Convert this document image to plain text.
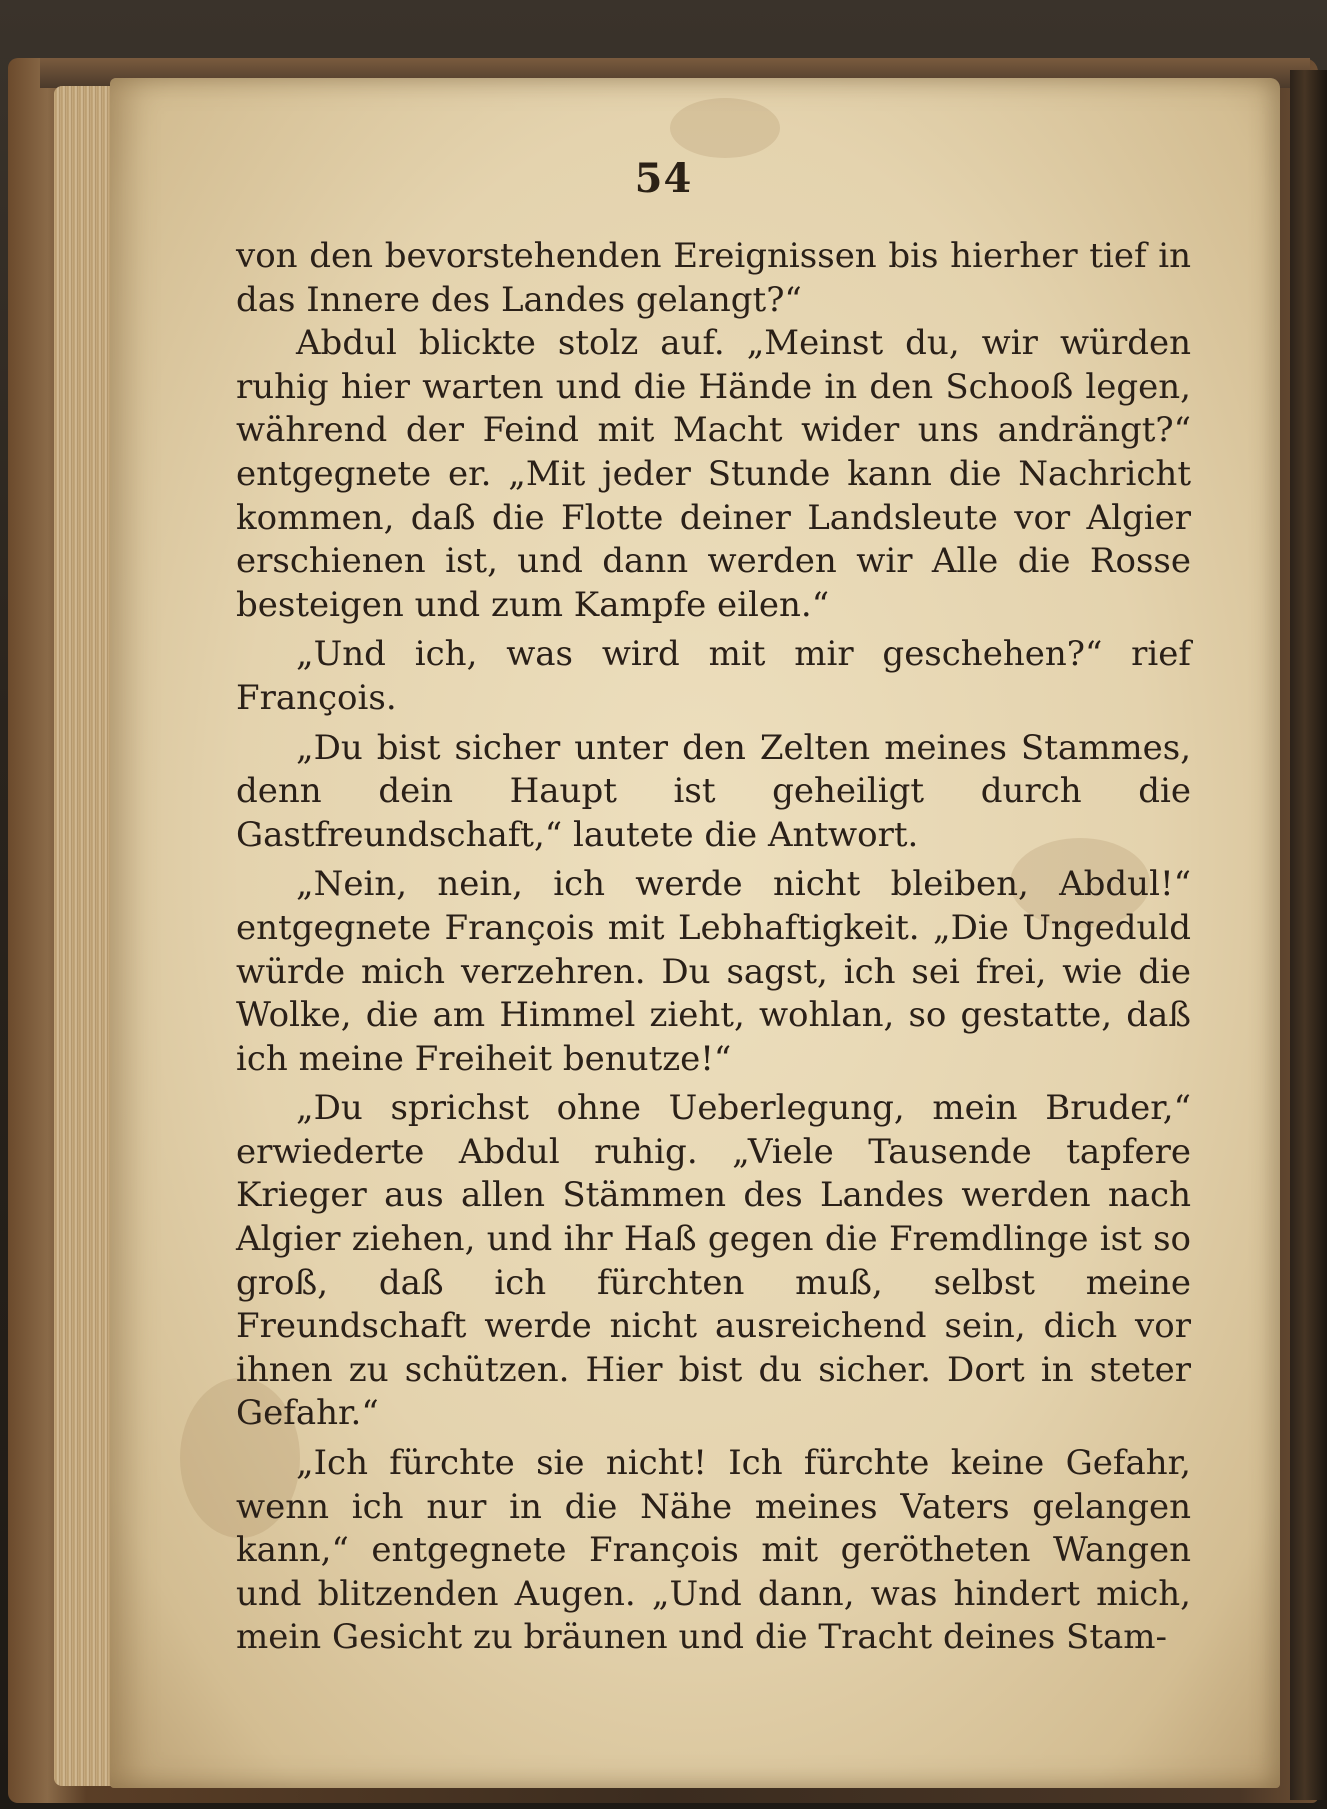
54

von den bevorstehenden Ereignissen bis hierher tief in das Innere des Landes gelangt?“

Abdul blickte stolz auf. „Meinst du, wir würden ruhig hier warten und die Hände in den Schooß legen, während der Feind mit Macht wider uns andrängt?“ entgegnete er. „Mit jeder Stunde kann die Nachricht kommen, daß die Flotte deiner Landsleute vor Algier erschienen ist, und dann werden wir Alle die Rosse besteigen und zum Kampfe eilen.“

„Und ich, was wird mit mir geschehen?“ rief François.

„Du bist sicher unter den Zelten meines Stammes, denn dein Haupt ist geheiligt durch die Gastfreundschaft,“ lautete die Antwort.

„Nein, nein, ich werde nicht bleiben, Abdul!“ entgegnete François mit Lebhaftigkeit. „Die Ungeduld würde mich verzehren. Du sagst, ich sei frei, wie die Wolke, die am Himmel zieht, wohlan, so gestatte, daß ich meine Freiheit benutze!“

„Du sprichst ohne Ueberlegung, mein Bruder,“ erwiederte Abdul ruhig. „Viele Tausende tapfere Krieger aus allen Stämmen des Landes werden nach Algier ziehen, und ihr Haß gegen die Fremdlinge ist so groß, daß ich fürchten muß, selbst meine Freundschaft werde nicht ausreichend sein, dich vor ihnen zu schützen. Hier bist du sicher. Dort in steter Gefahr.“

„Ich fürchte sie nicht! Ich fürchte keine Gefahr, wenn ich nur in die Nähe meines Vaters gelangen kann,“ entgegnete François mit gerötheten Wangen und blitzenden Augen. „Und dann, was hindert mich, mein Gesicht zu bräunen und die Tracht deines Stam-
